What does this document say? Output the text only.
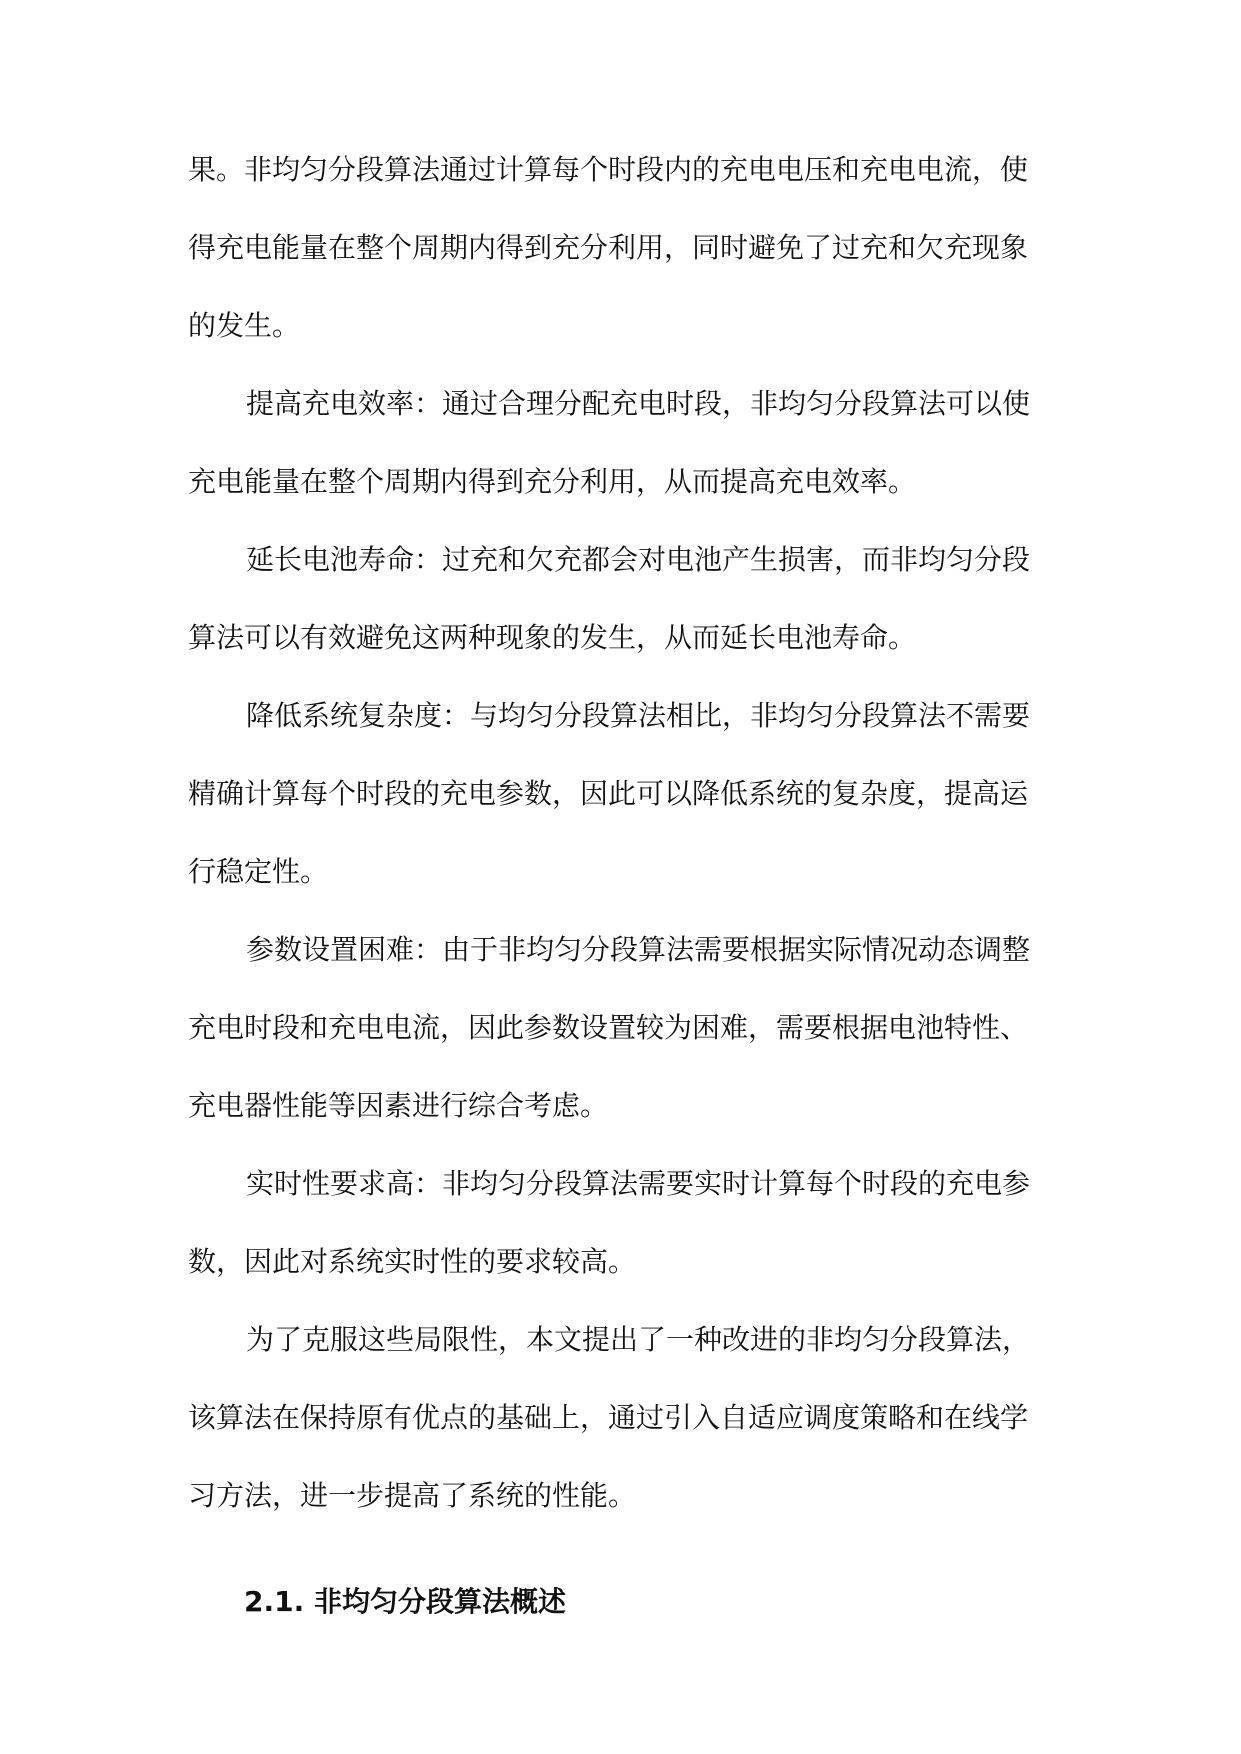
果。非均匀分段算法通过计算每个时段内的充电电压和充电电流，使
得充电能量在整个周期内得到充分利用，同时避免了过充和欠充现象
的发生。
提高充电效率：通过合理分配充电时段，非均匀分段算法可以使
充电能量在整个周期内得到充分利用，从而提高充电效率。
延长电池寿命：过充和欠充都会对电池产生损害，而非均匀分段
算法可以有效避免这两种现象的发生，从而延长电池寿命。
降低系统复杂度：与均匀分段算法相比，非均匀分段算法不需要
精确计算每个时段的充电参数，因此可以降低系统的复杂度，提高运
行稳定性。
参数设置困难：由于非均匀分段算法需要根据实际情况动态调整
充电时段和充电电流，因此参数设置较为困难，需要根据电池特性、
充电器性能等因素进行综合考虑。
实时性要求高：非均匀分段算法需要实时计算每个时段的充电参
数，因此对系统实时性的要求较高。
为了克服这些局限性，本文提出了一种改进的非均匀分段算法，
该算法在保持原有优点的基础上，通过引入自适应调度策略和在线学
习方法，进一步提高了系统的性能。
2.1. 非均匀分段算法概述
